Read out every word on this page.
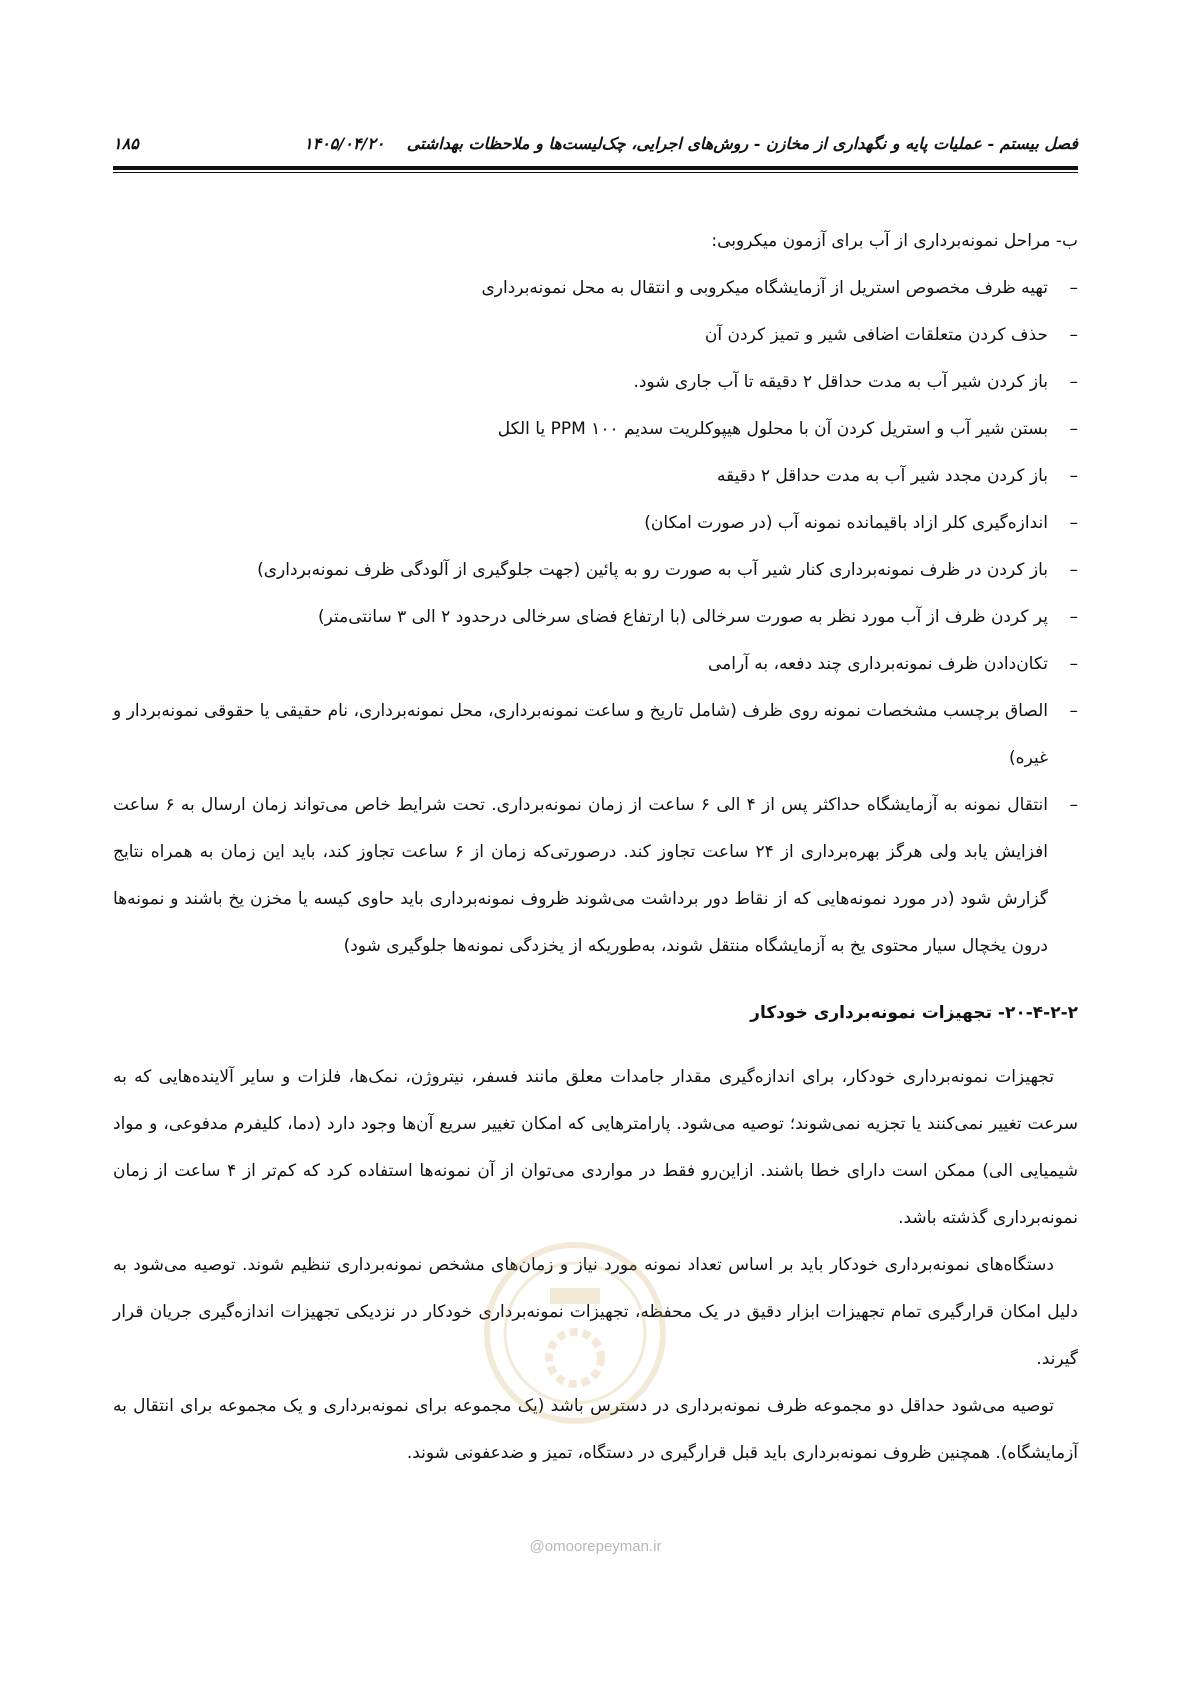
فصل بیستم - عملیات پایه و نگهداری از مخازن - روش‌های اجرایی، چک‌لیست‌ها و ملاحظات بهداشتی    ۱۴۰۵/۰۴/۲۰
۱۸۵

ب- مراحل نمونه‌برداری از آب برای آزمون میکروبی:

– تهیه ظرف مخصوص استریل از آزمایشگاه میکروبی و انتقال به محل نمونه‌برداری
– حذف کردن متعلقات اضافی شیر و تمیز کردن آن
– باز کردن شیر آب به مدت حداقل ۲ دقیقه تا آب جاری شود.
– بستن شیر آب و استریل کردن آن با محلول هیپوکلریت سدیم PPM ۱۰۰ یا الکل
– باز کردن مجدد شیر آب به مدت حداقل ۲ دقیقه
– اندازه‌گیری کلر ازاد باقیمانده نمونه آب (در صورت امکان)
– باز کردن در ظرف نمونه‌برداری کنار شیر آب به صورت رو به پائین (جهت جلوگیری از آلودگی ظرف نمونه‌برداری)
– پر کردن ظرف از آب مورد نظر به صورت سرخالی (با ارتفاع فضای سرخالی درحدود ۲ الی ۳ سانتی‌متر)
– تکان‌دادن ظرف نمونه‌برداری چند دفعه، به آرامی
– الصاق برچسب مشخصات نمونه روی ظرف (شامل تاریخ و ساعت نمونه‌برداری، محل نمونه‌برداری، نام حقیقی یا حقوقی نمونه‌بردار و غیره)
– انتقال نمونه به آزمایشگاه حداکثر پس از ۴ الی ۶ ساعت از زمان نمونه‌برداری. تحت شرایط خاص می‌تواند زمان ارسال به ۶ ساعت افزایش یابد ولی هرگز بهره‌برداری از ۲۴ ساعت تجاوز کند. درصورتی‌که زمان از ۶ ساعت تجاوز کند، باید این زمان به همراه نتایج گزارش شود (در مورد نمونه‌هایی که از نقاط دور برداشت می‌شوند ظروف نمونه‌برداری باید حاوی کیسه یا مخزن یخ باشند و نمونه‌ها درون یخچال سیار محتوی یخ به آزمایشگاه منتقل شوند، به‌طوریکه از یخزدگی نمونه‌ها جلوگیری شود)

۲۰-۴-۲-۲- تجهیزات نمونه‌برداری خودکار

تجهیزات نمونه‌برداری خودکار، برای اندازه‌گیری مقدار جامدات معلق مانند فسفر، نیتروژن، نمک‌ها، فلزات و سایر آلاینده‌هایی که به سرعت تغییر نمی‌کنند یا تجزیه نمی‌شوند؛ توصیه می‌شود. پارامترهایی که امکان تغییر سریع آن‌ها وجود دارد (دما، کلیفرم مدفوعی، و مواد شیمیایی الی) ممکن است دارای خطا باشند. ازاین‌رو فقط در مواردی می‌توان از آن نمونه‌ها استفاده کرد که کم‌تر از ۴ ساعت از زمان نمونه‌برداری گذشته باشد.

دستگاه‌های نمونه‌برداری خودکار باید بر اساس تعداد نمونه مورد نیاز و زمان‌های مشخص نمونه‌برداری تنظیم شوند. توصیه می‌شود به دلیل امکان قرارگیری تمام تجهیزات ابزار دقیق در یک محفظه، تجهیزات نمونه‌برداری خودکار در نزدیکی تجهیزات اندازه‌گیری جریان قرار گیرند.

توصیه می‌شود حداقل دو مجموعه ظرف نمونه‌برداری در دسترس باشد (یک مجموعه برای نمونه‌برداری و یک مجموعه برای انتقال به آزمایشگاه). همچنین ظروف نمونه‌برداری باید قبل قرارگیری در دستگاه، تمیز و ضدعفونی شوند.

@omoorepeyman.ir
